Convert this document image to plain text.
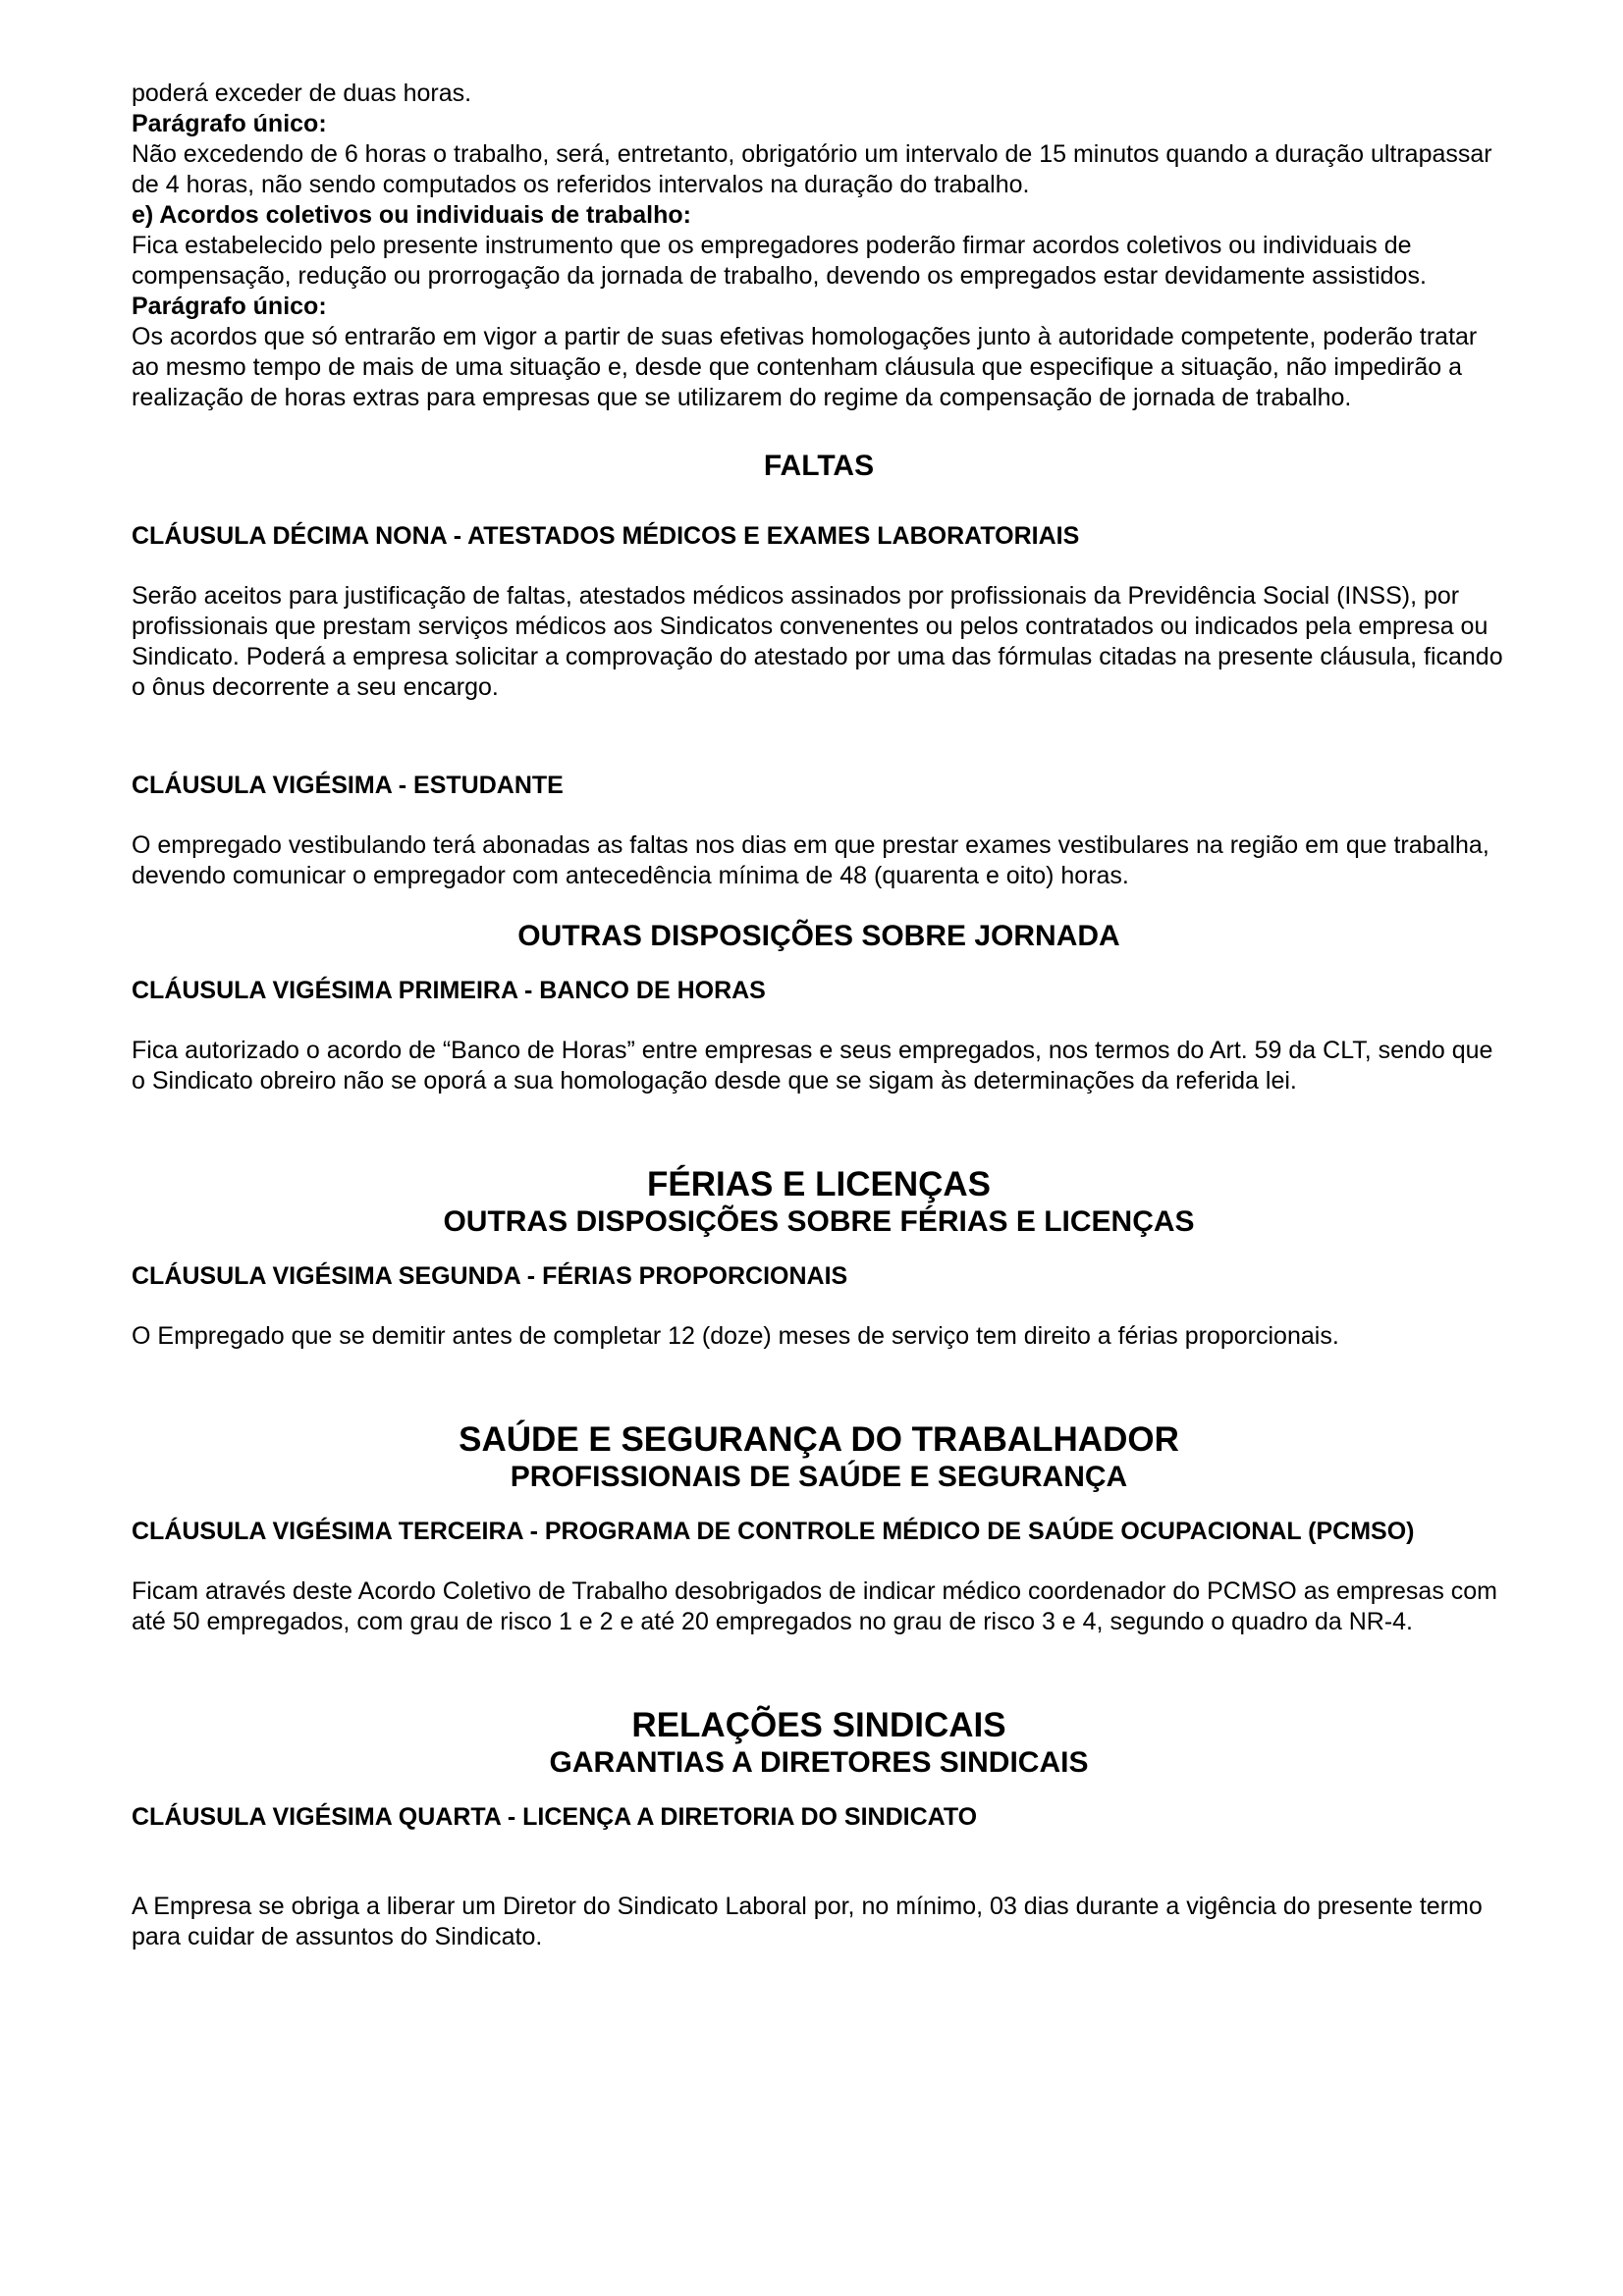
poderá exceder de duas horas.

Parágrafo único:

Não excedendo de 6 horas o trabalho, será, entretanto, obrigatório um intervalo de 15 minutos quando a duração ultrapassar de 4 horas, não sendo computados os referidos intervalos na duração do trabalho.

e) Acordos coletivos ou individuais de trabalho:

Fica estabelecido pelo presente instrumento que os empregadores poderão firmar acordos coletivos ou individuais de compensação, redução ou prorrogação da jornada de trabalho, devendo os empregados estar devidamente assistidos.

Parágrafo único:

Os acordos que só entrarão em vigor a partir de suas efetivas homologações junto à autoridade competente, poderão tratar ao mesmo tempo de mais de uma situação e, desde que contenham cláusula que especifique a situação, não impedirão a realização de horas extras para empresas que se utilizarem do regime da compensação de jornada de trabalho.

FALTAS

CLÁUSULA DÉCIMA NONA - ATESTADOS MÉDICOS E EXAMES LABORATORIAIS

Serão aceitos para justificação de faltas, atestados médicos assinados por profissionais da Previdência Social (INSS), por profissionais que prestam serviços médicos aos Sindicatos convenentes ou pelos contratados ou indicados pela empresa ou Sindicato. Poderá a empresa solicitar a comprovação do atestado por uma das fórmulas citadas na presente cláusula, ficando o ônus decorrente a seu encargo.

CLÁUSULA VIGÉSIMA - ESTUDANTE

O empregado vestibulando terá abonadas as faltas nos dias em que prestar exames vestibulares na região em que trabalha, devendo comunicar o empregador com antecedência mínima de 48 (quarenta e oito) horas.

OUTRAS DISPOSIÇÕES SOBRE JORNADA

CLÁUSULA VIGÉSIMA PRIMEIRA - BANCO DE HORAS

Fica autorizado o acordo de “Banco de Horas” entre empresas e seus empregados, nos termos do Art. 59 da CLT, sendo que o Sindicato obreiro não se oporá a sua homologação desde que se sigam às determinações da referida lei.

FÉRIAS E LICENÇAS
OUTRAS DISPOSIÇÕES SOBRE FÉRIAS E LICENÇAS

CLÁUSULA VIGÉSIMA SEGUNDA - FÉRIAS PROPORCIONAIS

O Empregado que se demitir antes de completar 12 (doze) meses de serviço tem direito a férias proporcionais.

SAÚDE E SEGURANÇA DO TRABALHADOR
PROFISSIONAIS DE SAÚDE E SEGURANÇA

CLÁUSULA VIGÉSIMA TERCEIRA - PROGRAMA DE CONTROLE MÉDICO DE SAÚDE OCUPACIONAL (PCMSO)

Ficam através deste Acordo Coletivo de Trabalho desobrigados de indicar médico coordenador do PCMSO as empresas com até 50 empregados, com grau de risco 1 e 2 e até 20 empregados no grau de risco 3 e 4, segundo o quadro da NR-4.

RELAÇÕES SINDICAIS
GARANTIAS A DIRETORES SINDICAIS

CLÁUSULA VIGÉSIMA QUARTA - LICENÇA A DIRETORIA DO SINDICATO

A Empresa se obriga a liberar um Diretor do Sindicato Laboral por, no mínimo, 03 dias durante a vigência do presente termo para cuidar de assuntos do Sindicato.
